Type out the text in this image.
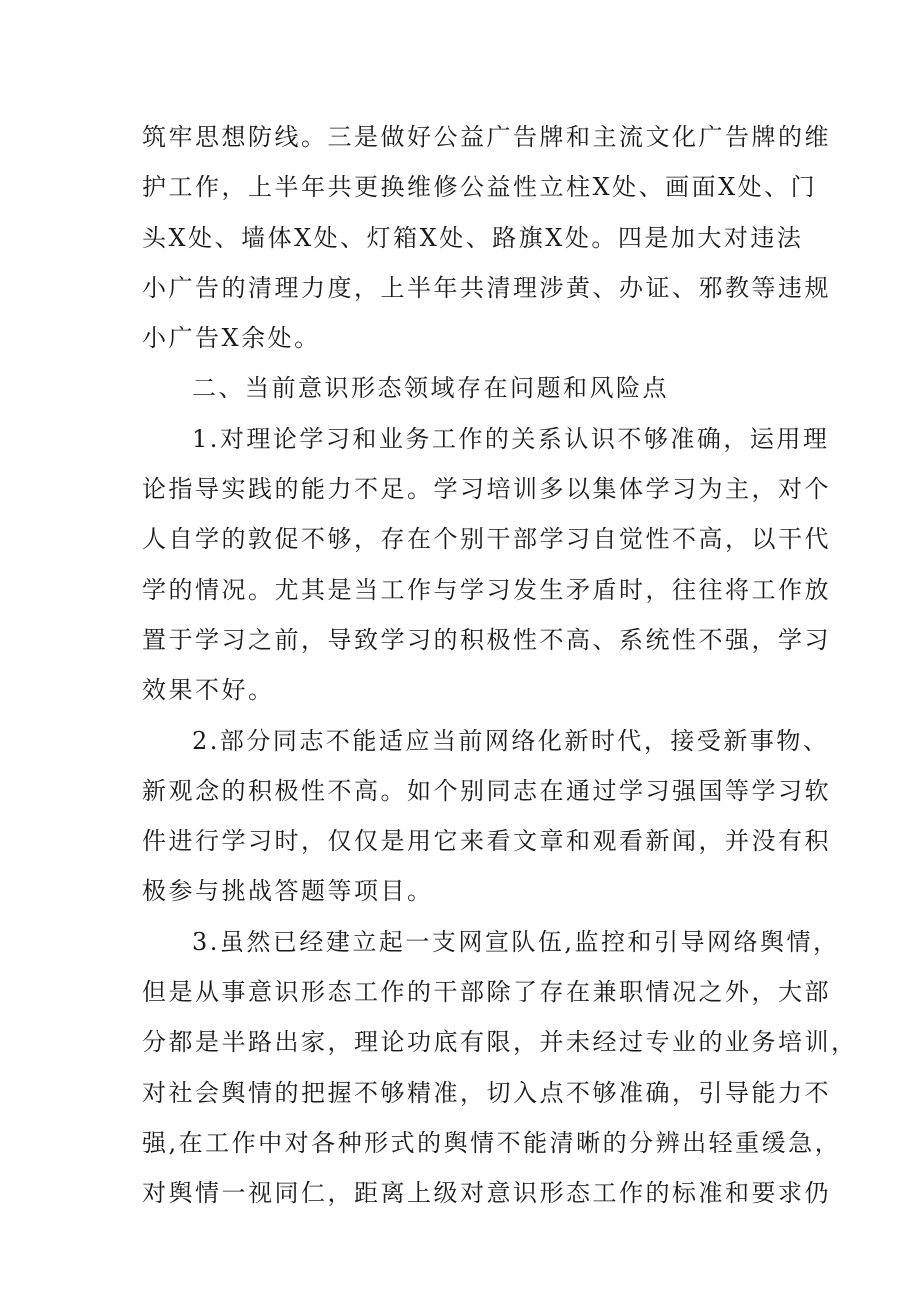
筑牢思想防线。三是做好公益广告牌和主流文化广告牌的维
护工作，上半年共更换维修公益性立柱X处、画面X处、门
头X处、墙体X处、灯箱X处、路旗X处。四是加大对违法
小广告的清理力度，上半年共清理涉黄、办证、邪教等违规
小广告X余处。
二、当前意识形态领域存在问题和风险点
1.对理论学习和业务工作的关系认识不够准确，运用理
论指导实践的能力不足。学习培训多以集体学习为主，对个
人自学的敦促不够，存在个别干部学习自觉性不高，以干代
学的情况。尤其是当工作与学习发生矛盾时，往往将工作放
置于学习之前，导致学习的积极性不高、系统性不强，学习
效果不好。
2.部分同志不能适应当前网络化新时代，接受新事物、
新观念的积极性不高。如个别同志在通过学习强国等学习软
件进行学习时，仅仅是用它来看文章和观看新闻，并没有积
极参与挑战答题等项目。
3.虽然已经建立起一支网宣队伍,监控和引导网络舆情，
但是从事意识形态工作的干部除了存在兼职情况之外，大部
分都是半路出家，理论功底有限，并未经过专业的业务培训，
对社会舆情的把握不够精准，切入点不够准确，引导能力不
强,在工作中对各种形式的舆情不能清晰的分辨出轻重缓急，
对舆情一视同仁，距离上级对意识形态工作的标准和要求仍
